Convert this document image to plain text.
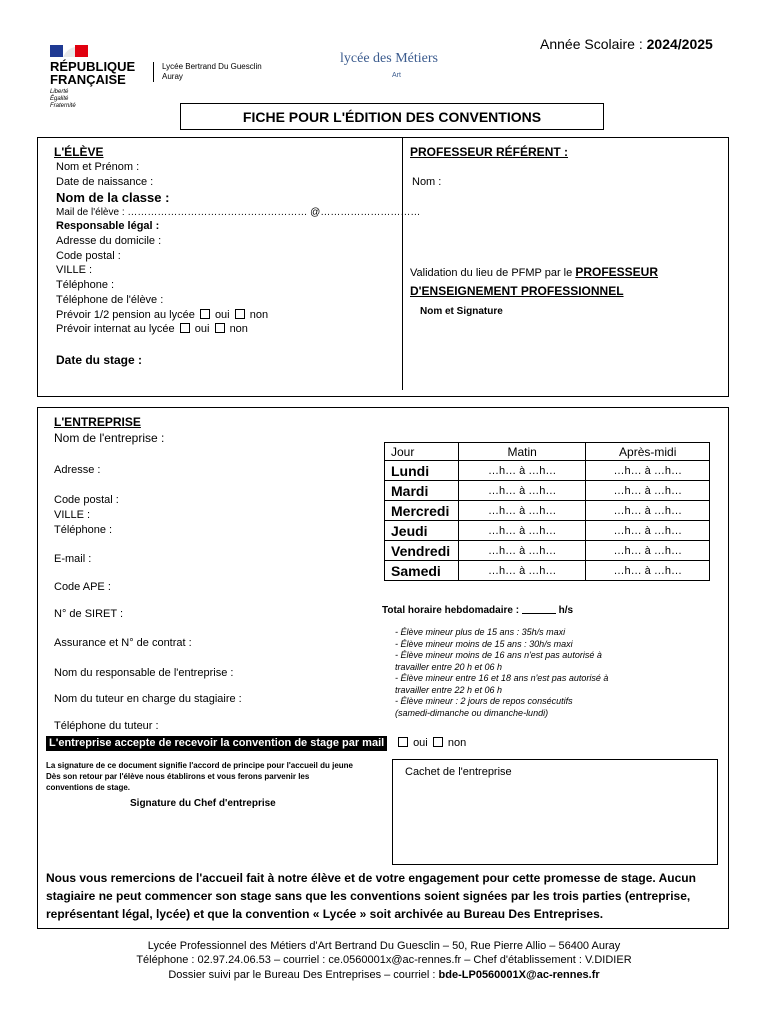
Année Scolaire : 2024/2025
RÉPUBLIQUE
FRANÇAISE
Liberté
Égalité
Fraternité
Lycée Bertrand Du Guesclin
Auray
lycée des Métiers
Art
FICHE POUR L'ÉDITION DES CONVENTIONS
L'ÉLÈVE
Nom et Prénom :
Date de naissance :
Nom de la classe :
Mail de l'élève : ……………………………………………… @…………………………
Responsable légal :
Adresse du domicile :
Code postal :
VILLE :
Téléphone :
Téléphone de l'élève :
Prévoir 1/2 pension au lycée oui non
Prévoir internat au lycée oui non
Date du stage :
PROFESSEUR RÉFÉRENT :
Nom :
Validation du lieu de PFMP par le PROFESSEUR
D'ENSEIGNEMENT PROFESSIONNEL
Nom et Signature
L'ENTREPRISE
Nom de l'entreprise :
Adresse :
Code postal :
VILLE :
Téléphone :
E-mail :
Code APE :
N° de SIRET :
Assurance et N° de contrat :
Nom du responsable de l'entreprise :
Nom du tuteur en charge du stagiaire :
Téléphone du tuteur :
L'entreprise accepte de recevoir la convention de stage par mail	oui non
La signature de ce document signifie l'accord de principe pour l'accueil du jeune
Dès son retour par l'élève nous établirons et vous ferons parvenir les
conventions de stage.
Signature du Chef d'entreprise
Cachet de l'entreprise
Jour	Matin	Après-midi
Lundi	…h… à …h…	…h… à …h…
Mardi	…h… à …h…	…h… à …h…
Mercredi	…h… à …h…	…h… à …h…
Jeudi	…h… à …h…	…h… à …h…
Vendredi	…h… à …h…	…h… à …h…
Samedi	…h… à …h…	…h… à …h…
Total horaire hebdomadaire :	h/s
- Élève mineur plus de 15 ans : 35h/s maxi
- Élève mineur moins de 15 ans : 30h/s maxi
- Élève mineur moins de 16 ans n'est pas autorisé à
travailler entre 20 h et 06 h
- Élève mineur entre 16 et 18 ans n'est pas autorisé à
travailler entre 22 h et 06 h
- Élève mineur : 2 jours de repos consécutifs
(samedi-dimanche ou dimanche-lundi)
Nous vous remercions de l'accueil fait à notre élève et de votre engagement pour cette promesse de stage. Aucun
stagiaire ne peut commencer son stage sans que les conventions soient signées par les trois parties (entreprise,
représentant légal, lycée) et que la convention « Lycée » soit archivée au Bureau Des Entreprises.
Lycée Professionnel des Métiers d'Art Bertrand Du Guesclin – 50, Rue Pierre Allio – 56400 Auray
Téléphone : 02.97.24.06.53 – courriel : ce.0560001x@ac-rennes.fr – Chef d'établissement : V.DIDIER
Dossier suivi par le Bureau Des Entreprises – courriel : bde-LP0560001X@ac-rennes.fr
